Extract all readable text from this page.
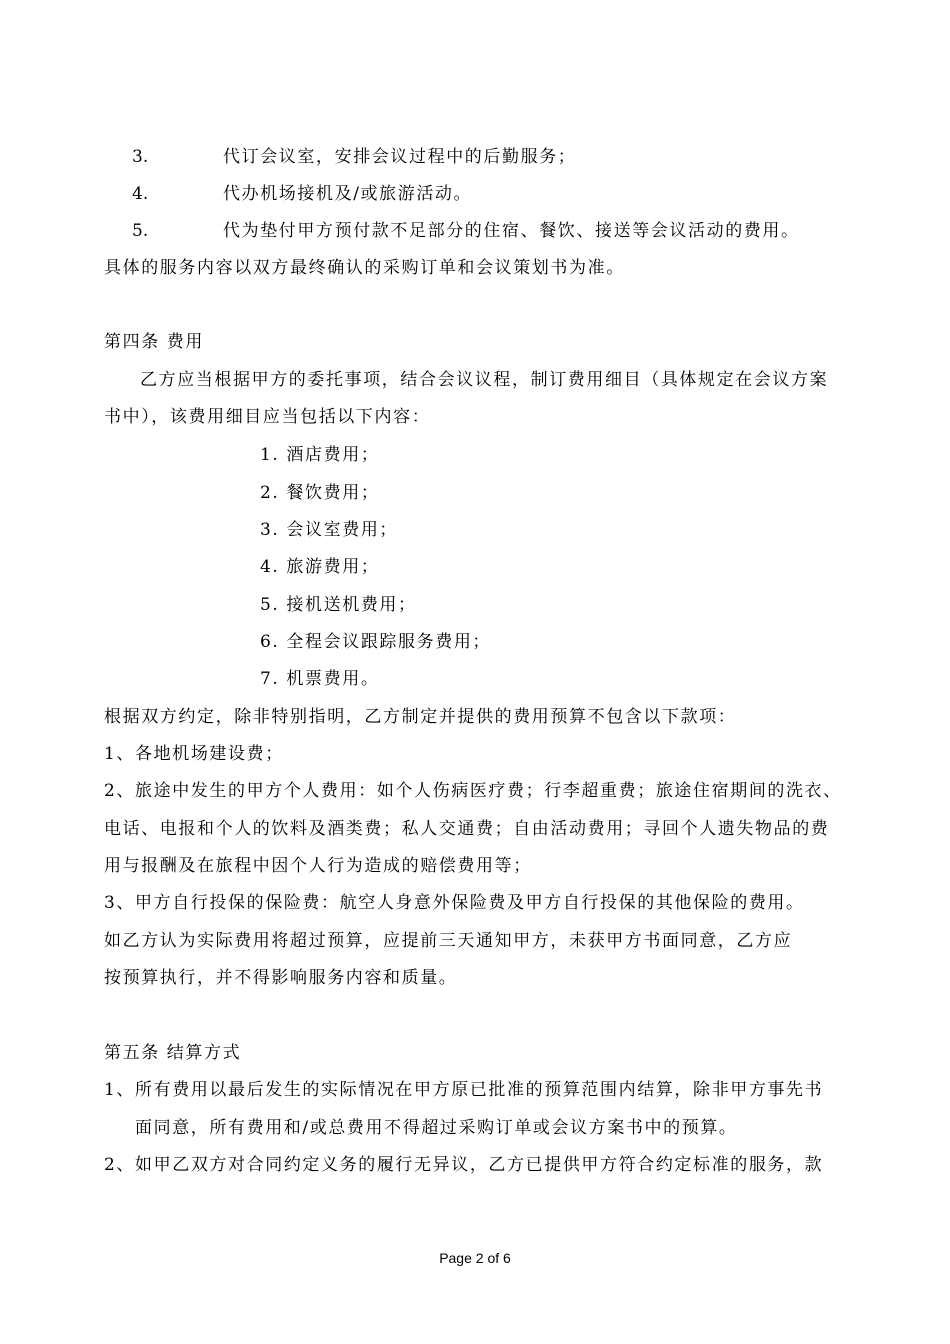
3.	代订会议室，安排会议过程中的后勤服务；
4.	代办机场接机及/或旅游活动。
5.	代为垫付甲方预付款不足部分的住宿、餐饮、接送等会议活动的费用。
具体的服务内容以双方最终确认的采购订单和会议策划书为准。
第四条 费用
乙方应当根据甲方的委托事项，结合会议议程，制订费用细目（具体规定在会议方案
书中），该费用细目应当包括以下内容：
1. 酒店费用；
2. 餐饮费用；
3. 会议室费用；
4. 旅游费用；
5. 接机送机费用；
6. 全程会议跟踪服务费用；
7. 机票费用。
根据双方约定，除非特别指明，乙方制定并提供的费用预算不包含以下款项：
1、各地机场建设费；
2、旅途中发生的甲方个人费用：如个人伤病医疗费；行李超重费；旅途住宿期间的洗衣、
电话、电报和个人的饮料及酒类费；私人交通费；自由活动费用；寻回个人遗失物品的费
用与报酬及在旅程中因个人行为造成的赔偿费用等；
3、甲方自行投保的保险费：航空人身意外保险费及甲方自行投保的其他保险的费用。
如乙方认为实际费用将超过预算，应提前三天通知甲方，未获甲方书面同意，乙方应
按预算执行，并不得影响服务内容和质量。
第五条 结算方式
1、所有费用以最后发生的实际情况在甲方原已批准的预算范围内结算，除非甲方事先书
面同意，所有费用和/或总费用不得超过采购订单或会议方案书中的预算。
2、如甲乙双方对合同约定义务的履行无异议，乙方已提供甲方符合约定标准的服务，款
Page 2 of 6
